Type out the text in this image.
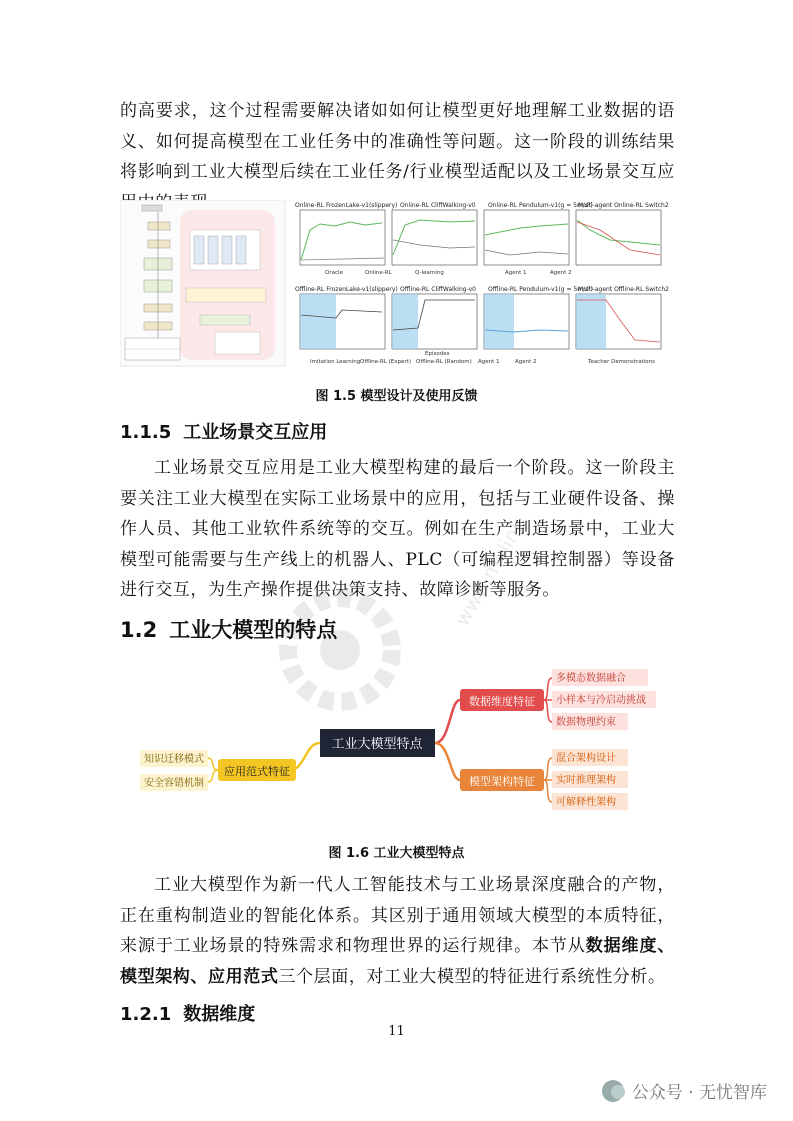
的高要求，这个过程需要解决诸如如何让模型更好地理解工业数据的语义、如何提高模型在工业任务中的准确性等问题。这一阶段的训练结果将影响到工业大模型后续在工业任务/行业模型适配以及工业场景交互应

Online-RL FrozenLake-v1(slippery) Online-RL CliffWalking-v0 Online-RL Pendulum-v1(g = 5m/s²)
Multi-agent Online-RL Switch2
Oracle	Online-RL	Q-learning	Agent 1	Agent 2
Offline-RL FrozenLake-v1(slippery) Offline-RL CliffWalking-v0 Offline-RL Pendulum-v1(g = 5m/s²)
Multi-agent Offline-RL Switch2
Imitation Learning Offline-RL (Expert) Offline-RL (Random) Agent 1	Agent 2	Teacher Demonstrations
Episodes
图 1.5 模型设计及使用反馈
1.1.5 工业场景交互应用

工业场景交互应用是工业大模型构建的最后一个阶段。这一阶段主要关注工业大模型在实际工业场景中的应用，包括与工业硬件设备、操作人员、其他工业软件系统等的交互。例如在生产制造场景中，工业大模型可能需要与生产线上的机器人、PLC（可编程逻辑控制器）等设备进行交互，为生产操作提供决策支持、故障诊断等服务。

1.2 工业大模型的特点
工业大模型特点
数据维度特征
多模态数据融合
小样本与冷启动挑战
数据物理约束
模型架构特征
混合架构设计
实时推理架构
可解释性架构
应用范式特征
知识迁移模式
安全容错机制
图 1.6 工业大模型特点

工业大模型作为新一代人工智能技术与工业场景深度融合的产物，正在重构制造业的智能化体系。其区别于通用领域大模型的本质特征，来源于工业场景的特殊需求和物理世界的运行规律。本节从数据维度、模型架构、应用范式三个层面，对工业大模型的特征进行系统性分析。

1.2.1 数据维度
11
www.mylink
公众号 · 无忧智库
